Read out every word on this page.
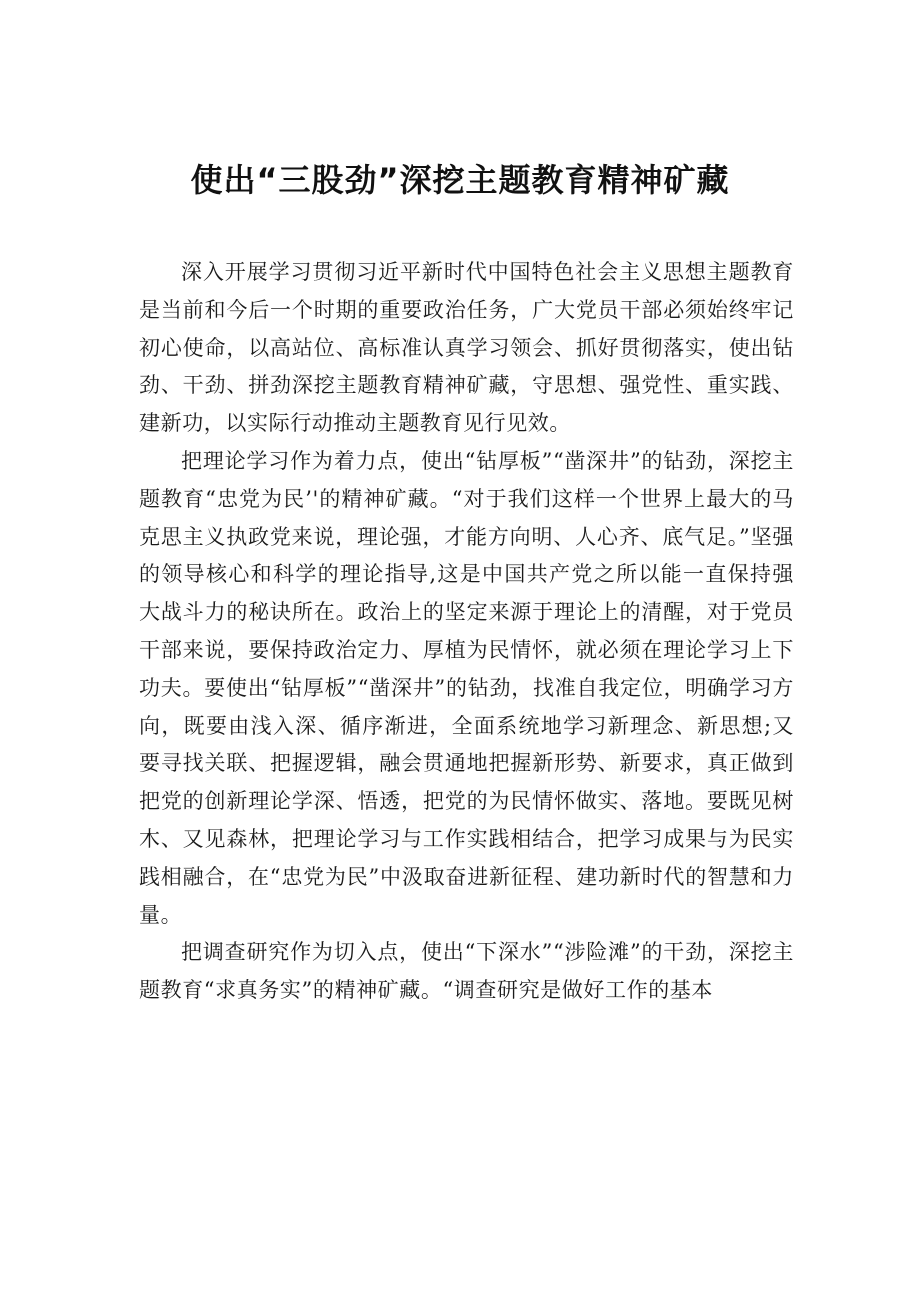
使出“三股劲”深挖主题教育精神矿藏

深入开展学习贯彻习近平新时代中国特色社会主义思想主题教育是当前和今后一个时期的重要政治任务，广大党员干部必须始终牢记初心使命，以高站位、高标准认真学习领会、抓好贯彻落实，使出钻劲、干劲、拼劲深挖主题教育精神矿藏，守思想、强党性、重实践、建新功，以实际行动推动主题教育见行见效。

把理论学习作为着力点，使出“钻厚板”“凿深井”的钻劲，深挖主题教育“忠党为民’'的精神矿藏。“对于我们这样一个世界上最大的马克思主义执政党来说，理论强，才能方向明、人心齐、底气足。”坚强的领导核心和科学的理论指导,这是中国共产党之所以能一直保持强大战斗力的秘诀所在。政治上的坚定来源于理论上的清醒，对于党员干部来说，要保持政治定力、厚植为民情怀，就必须在理论学习上下功夫。要使出“钻厚板”“凿深井”的钻劲，找准自我定位，明确学习方向，既要由浅入深、循序渐进，全面系统地学习新理念、新思想;又要寻找关联、把握逻辑，融会贯通地把握新形势、新要求，真正做到把党的创新理论学深、悟透，把党的为民情怀做实、落地。要既见树木、又见森林，把理论学习与工作实践相结合，把学习成果与为民实践相融合，在“忠党为民”中汲取奋进新征程、建功新时代的智慧和力量。

把调查研究作为切入点，使出“下深水”“涉险滩”的干劲，深挖主题教育“求真务实”的精神矿藏。“调查研究是做好工作的基本
